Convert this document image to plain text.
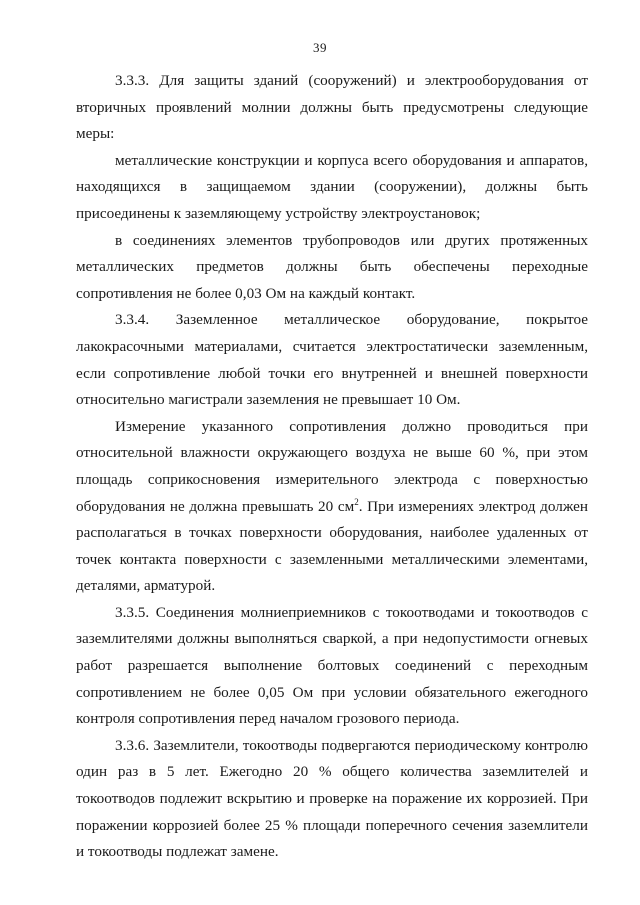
39

3.3.3. Для защиты зданий (сооружений) и электрооборудования от вторичных проявлений молнии должны быть предусмотрены следующие меры:

металлические конструкции и корпуса всего оборудования и аппаратов, находящихся в защищаемом здании (сооружении), должны быть присоединены к заземляющему устройству электроустановок;

в соединениях элементов трубопроводов или других протяженных металлических предметов должны быть обеспечены переходные сопротивления не более 0,03 Ом на каждый контакт.

3.3.4. Заземленное металлическое оборудование, покрытое лакокрасочными материалами, считается электростатически заземленным, если сопротивление любой точки его внутренней и внешней поверхности относительно магистрали заземления не превышает 10 Ом.

Измерение указанного сопротивления должно проводиться при относительной влажности окружающего воздуха не выше 60 %, при этом площадь соприкосновения измерительного электрода с поверхностью оборудования не должна превышать 20 $см^2$. При измерениях электрод должен располагаться в точках поверхности оборудования, наиболее удаленных от точек контакта поверхности с заземленными металлическими элементами, деталями, арматурой.

3.3.5. Соединения молниеприемников с токоотводами и токоотводов с заземлителями должны выполняться сваркой, а при недопустимости огневых работ разрешается выполнение болтовых соединений с переходным сопротивлением не более 0,05 Ом при условии обязательного ежегодного контроля сопротивления перед началом грозового периода.

3.3.6. Заземлители, токоотводы подвергаются периодическому контролю один раз в 5 лет. Ежегодно 20 % общего количества заземлителей и токоотводов подлежит вскрытию и проверке на поражение их коррозией. При поражении коррозией более 25 % площади поперечного сечения заземлители и токоотводы подлежат замене.
